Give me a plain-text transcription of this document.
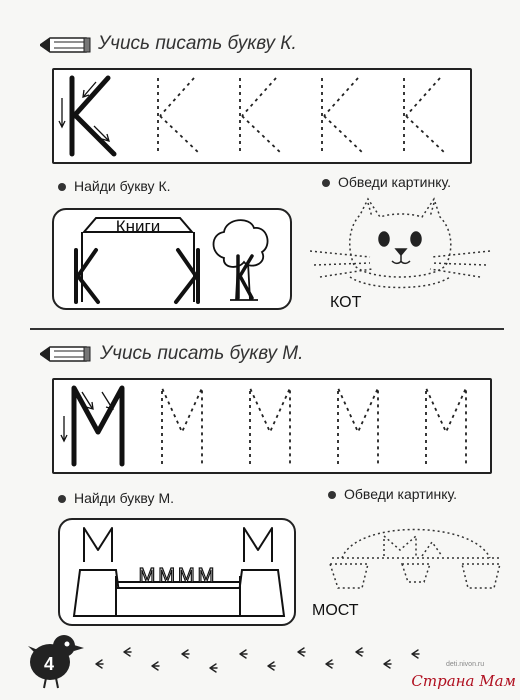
Учись писать букву К.
Найди букву К.	Обведи картинку.
Книги
КОТ
Учись писать букву М.
Найди букву М.	Обведи картинку.
ММММ
МОСТ
4
Страна Мам
deti.nivon.ru
